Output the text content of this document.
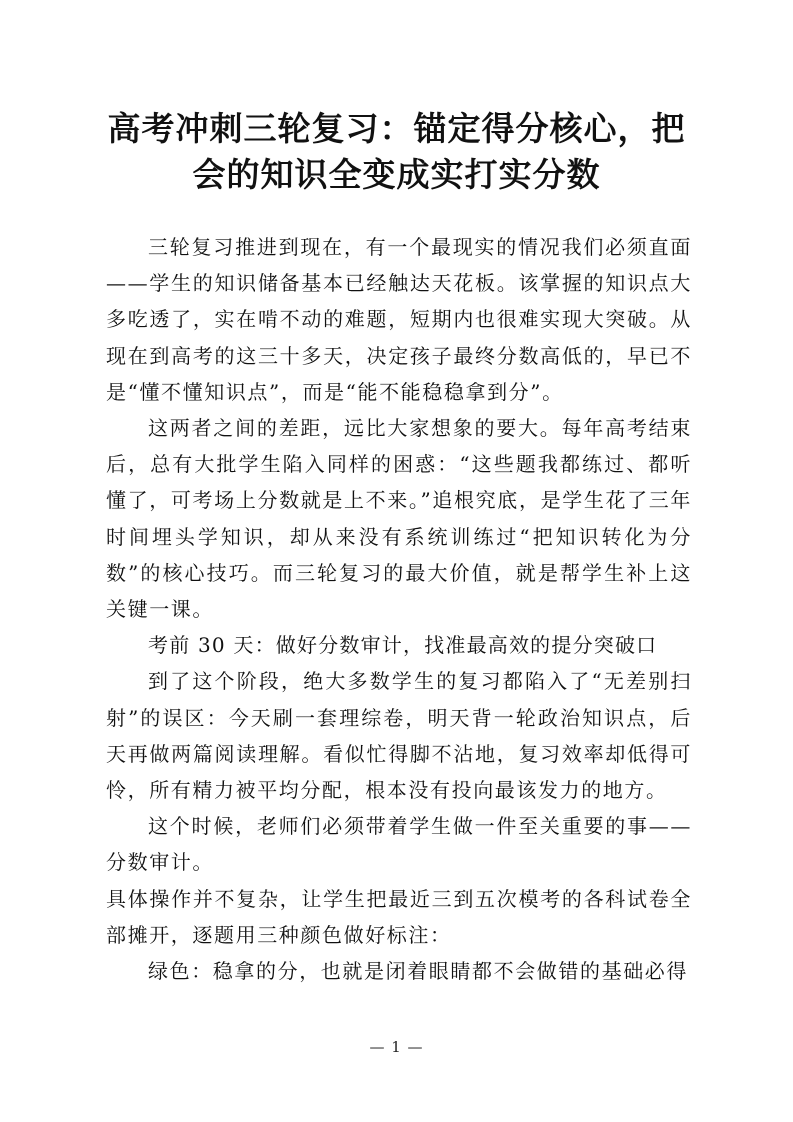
高考冲刺三轮复习：锚定得分核心，把会的知识全变成实打实分数

三轮复习推进到现在，有一个最现实的情况我们必须直面——学生的知识储备基本已经触达天花板。该掌握的知识点大多吃透了，实在啃不动的难题，短期内也很难实现大突破。从现在到高考的这三十多天，决定孩子最终分数高低的，早已不是“懂不懂知识点”，而是“能不能稳稳拿到分”。

这两者之间的差距，远比大家想象的要大。每年高考结束后，总有大批学生陷入同样的困惑：“这些题我都练过、都听懂了，可考场上分数就是上不来。”追根究底，是学生花了三年时间埋头学知识，却从来没有系统训练过“把知识转化为分数”的核心技巧。而三轮复习的最大价值，就是帮学生补上这关键一课。

考前 30 天：做好分数审计，找准最高效的提分突破口

到了这个阶段，绝大多数学生的复习都陷入了“无差别扫射”的误区：今天刷一套理综卷，明天背一轮政治知识点，后天再做两篇阅读理解。看似忙得脚不沾地，复习效率却低得可怜，所有精力被平均分配，根本没有投向最该发力的地方。

这个时候，老师们必须带着学生做一件至关重要的事——分数审计。

具体操作并不复杂，让学生把最近三到五次模考的各科试卷全部摊开，逐题用三种颜色做好标注：

绿色：稳拿的分，也就是闭着眼睛都不会做错的基础必得

— 1 —
